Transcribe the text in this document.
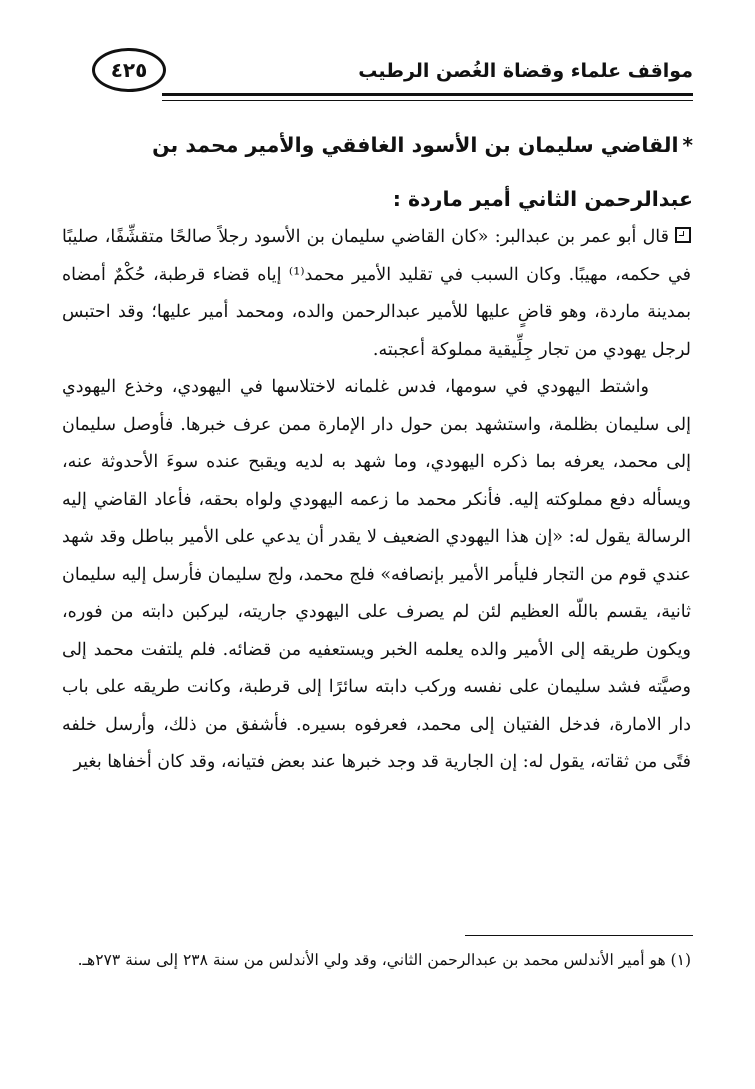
مواقف علماء وقضاة الغُصن الرطيب
٤٢٥
*القاضي سليمان بن الأسود الغافقي والأمير محمد بن عبدالرحمن الثاني أمير ماردة :

قال أبو عمر بن عبدالبر: «كان القاضي سليمان بن الأسود رجلاً صالحًا متقشِّفًا، صليبًا في حكمه، مهيبًا. وكان السبب في تقليد الأمير محمد⁽¹⁾ إياه قضاء قرطبة، حُكْمٌ أمضاه بمدينة ماردة، وهو قاضٍ عليها للأمير عبدالرحمن والده، ومحمد أمير عليها؛ وقد احتبس لرجل يهودي من تجار جِلِّيقية مملوكة أعجبته.

واشتط اليهودي في سومها، فدس غلمانه لاختلاسها في اليهودي، وخذع اليهودي إلى سليمان بظلمة، واستشهد بمن حول دار الإمارة ممن عرف خبرها. فأوصل سليمان إلى محمد، يعرفه بما ذكره اليهودي، وما شهد به لديه ويقبح عنده سوءَ الأحدوثة عنه، ويسأله دفع مملوكته إليه. فأنكر محمد ما زعمه اليهودي ولواه بحقه، فأعاد القاضي إليه الرسالة يقول له: «إن هذا اليهودي الضعيف لا يقدر أن يدعي على الأمير بباطل وقد شهد عندي قوم من التجار فليأمر الأمير بإنصافه» فلج محمد، ولج سليمان فأرسل إليه سليمان ثانية، يقسم باللّه العظيم لئن لم يصرف على اليهودي جاريته، ليركبن دابته من فوره، ويكون طريقه إلى الأمير والده يعلمه الخبر ويستعفيه من قضائه. فلم يلتفت محمد إلى وصيَّته فشد سليمان على نفسه وركب دابته سائرًا إلى قرطبة، وكانت طريقه على باب دار الامارة، فدخل الفتيان إلى محمد، فعرفوه بسيره. فأشفق من ذلك، وأرسل خلفه فتًى من ثقاته، يقول له: إن الجارية قد وجد خبرها عند بعض فتيانه، وقد كان أخفاها بغير

(١) هو أمير الأندلس محمد بن عبدالرحمن الثاني، وقد ولي الأندلس من سنة ٢٣٨ إلى سنة ٢٧٣هـ.
